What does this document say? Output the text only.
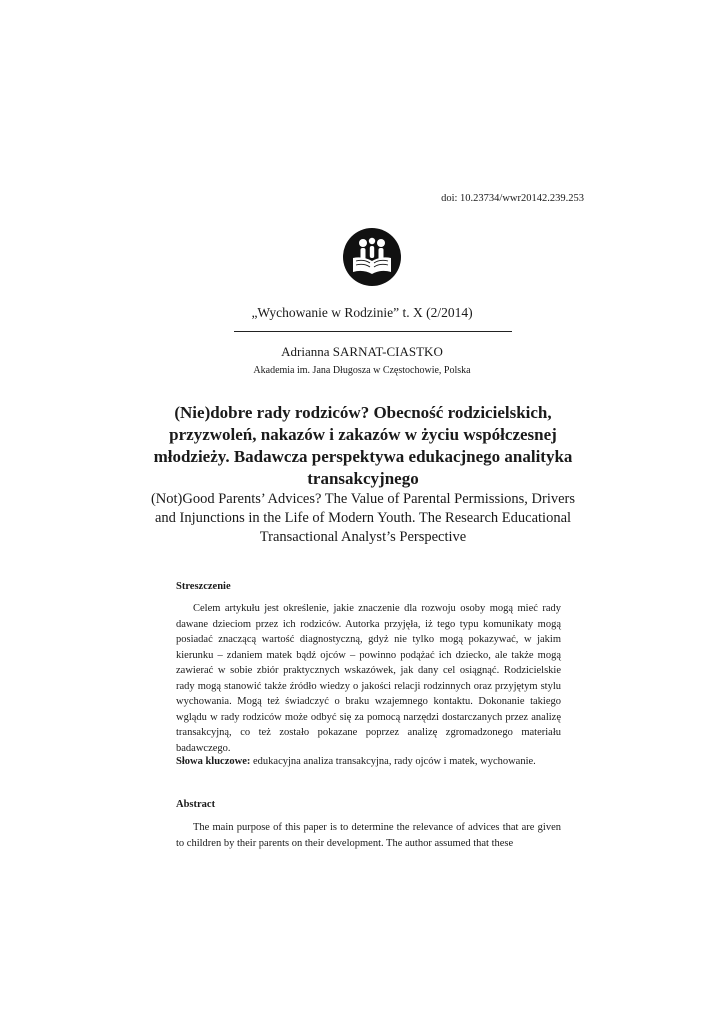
doi: 10.23734/wwr20142.239.253
„Wychowanie w Rodzinie” t. X (2/2014)
Adrianna SARNAT-CIASTKO
Akademia im. Jana Długosza w Częstochowie, Polska
(Nie)dobre rady rodziców? Obecność rodzicielskich, przyzwoleń, nakazów i zakazów w życiu współczesnej młodzieży. Badawcza perspektywa edukacjnego analityka transakcyjnego
(Not)Good Parents’ Advices? The Value of Parental Permissions, Drivers and Injunctions in the Life of Modern Youth. The Research Educational Transactional Analyst’s Perspective
Streszczenie

Celem artykułu jest określenie, jakie znaczenie dla rozwoju osoby mogą mieć rady dawane dzieciom przez ich rodziców. Autorka przyjęła, iż tego typu komunikaty mogą posiadać znaczącą wartość diagnostyczną, gdyż nie tylko mogą pokazywać, w jakim kierunku – zdaniem matek bądź ojców – powinno podążać ich dziecko, ale także mogą zawierać w sobie zbiór praktycznych wskazówek, jak dany cel osiągnąć. Rodzicielskie rady mogą stanowić także źródło wiedzy o jakości relacji rodzinnych oraz przyjętym stylu wychowania. Mogą też świadczyć o braku wzajemnego kontaktu. Dokonanie takiego wglądu w rady rodziców może odbyć się za pomocą narzędzi dostarczanych przez analizę transakcyjną, co też zostało pokazane poprzez analizę zgromadzonego materiału badawczego.

Słowa kluczowe: edukacyjna analiza transakcyjna, rady ojców i matek, wychowanie.
Abstract

The main purpose of this paper is to determine the relevance of advices that are given to children by their parents on their development. The author assumed that these
